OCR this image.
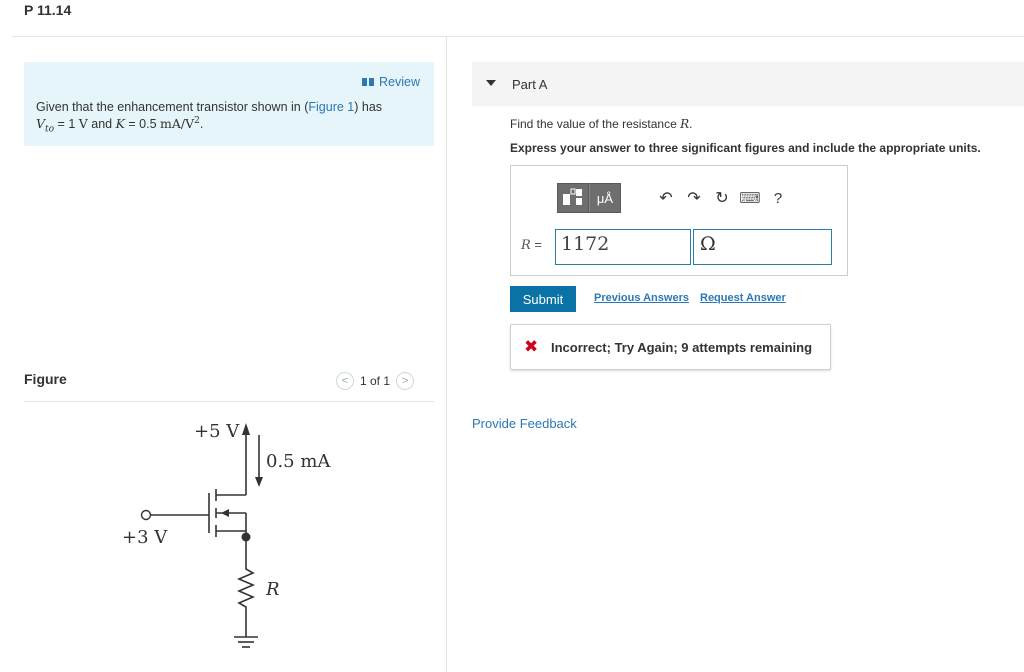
P 11.14
Review
Given that the enhancement transistor shown in (Figure 1) has
$V_{to} = 1$ V and K = 0.5 $mA/V^2$.
Figure	< 1 of 1	>
+5 V
0.5 mA
+3 V
R
Part A
Find the value of the resistance R.
Express your answer to three significant figures and include the appropriate units.
μÅ	↶ ↷ ↻ ⌨ ?
R = 1172	Ω
Submit	Previous Answers Request Answer
✖ Incorrect; Try Again; 9 attempts remaining
Provide Feedback
